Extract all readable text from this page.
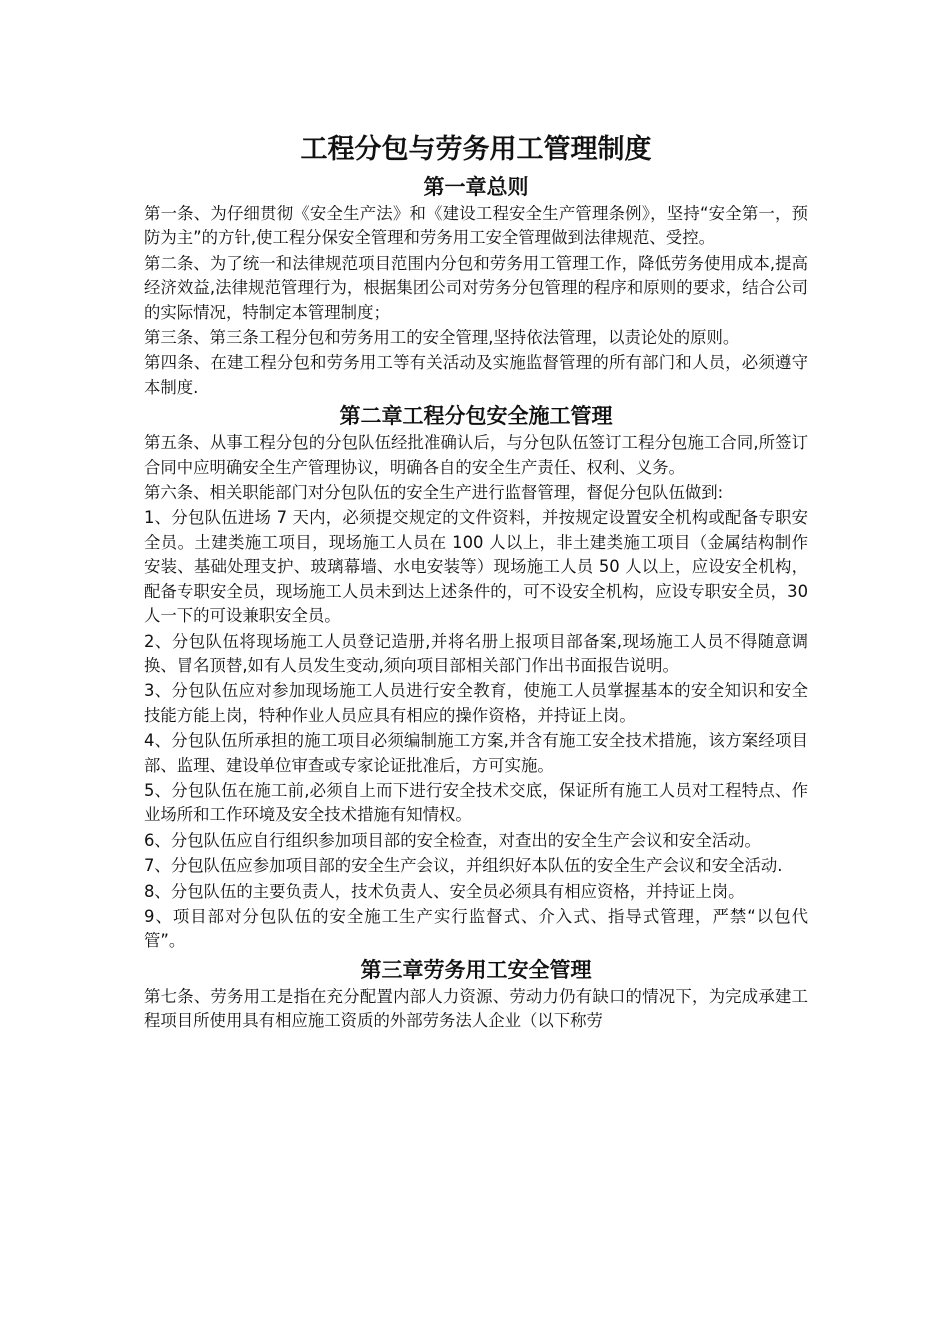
工程分包与劳务用工管理制度
第一章总则

第一条、为仔细贯彻《安全生产法》和《建设工程安全生产管理条例》，坚持“安全第一，预防为主”的方针,使工程分保安全管理和劳务用工安全管理做到法律规范、受控。

第二条、为了统一和法律规范项目范围内分包和劳务用工管理工作，降低劳务使用成本,提高经济效益,法律规范管理行为，根据集团公司对劳务分包管理的程序和原则的要求，结合公司的实际情况，特制定本管理制度；

第三条、第三条工程分包和劳务用工的安全管理,坚持依法管理，以责论处的原则。

第四条、在建工程分包和劳务用工等有关活动及实施监督管理的所有部门和人员，必须遵守本制度.

第二章工程分包安全施工管理

第五条、从事工程分包的分包队伍经批准确认后，与分包队伍签订工程分包施工合同,所签订合同中应明确安全生产管理协议，明确各自的安全生产责任、权利、义务。

第六条、相关职能部门对分包队伍的安全生产进行监督管理，督促分包队伍做到:

1、分包队伍进场 7 天内，必须提交规定的文件资料，并按规定设置安全机构或配备专职安全员。土建类施工项目，现场施工人员在 100 人以上，非土建类施工项目（金属结构制作安装、基础处理支护、玻璃幕墙、水电安装等）现场施工人员 50 人以上，应设安全机构，配备专职安全员，现场施工人员未到达上述条件的，可不设安全机构，应设专职安全员，30 人一下的可设兼职安全员。

2、分包队伍将现场施工人员登记造册,并将名册上报项目部备案,现场施工人员不得随意调换、冒名顶替,如有人员发生变动,须向项目部相关部门作出书面报告说明。

3、分包队伍应对参加现场施工人员进行安全教育，使施工人员掌握基本的安全知识和安全技能方能上岗，特种作业人员应具有相应的操作资格，并持证上岗。

4、分包队伍所承担的施工项目必须编制施工方案,并含有施工安全技术措施，该方案经项目部、监理、建设单位审查或专家论证批准后，方可实施。

5、分包队伍在施工前,必须自上而下进行安全技术交底，保证所有施工人员对工程特点、作业场所和工作环境及安全技术措施有知情权。

6、分包队伍应自行组织参加项目部的安全检查，对查出的安全生产会议和安全活动。

7、分包队伍应参加项目部的安全生产会议，并组织好本队伍的安全生产会议和安全活动.

8、分包队伍的主要负责人，技术负责人、安全员必须具有相应资格，并持证上岗。

9、项目部对分包队伍的安全施工生产实行监督式、介入式、指导式管理，严禁“以包代管”。

第三章劳务用工安全管理

第七条、劳务用工是指在充分配置内部人力资源、劳动力仍有缺口的情况下，为完成承建工程项目所使用具有相应施工资质的外部劳务法人企业（以下称劳
